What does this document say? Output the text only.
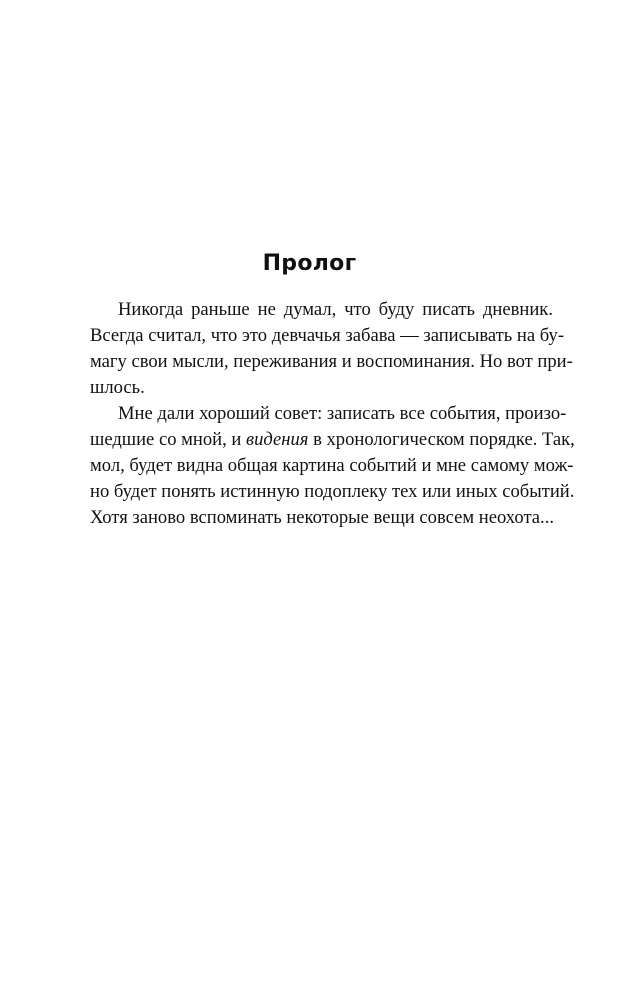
Пролог
Никогда раньше не думал, что буду писать дневник.
Всегда считал, что это девчачья забава — записывать на бу-
магу свои мысли, переживания и воспоминания. Но вот при-
шлось.
Мне дали хороший совет: записать все события, произо-
шедшие со мной, и видения в хронологическом порядке. Так,
мол, будет видна общая картина событий и мне самому мож-
но будет понять истинную подоплеку тех или иных событий.
Хотя заново вспоминать некоторые вещи совсем неохота...
